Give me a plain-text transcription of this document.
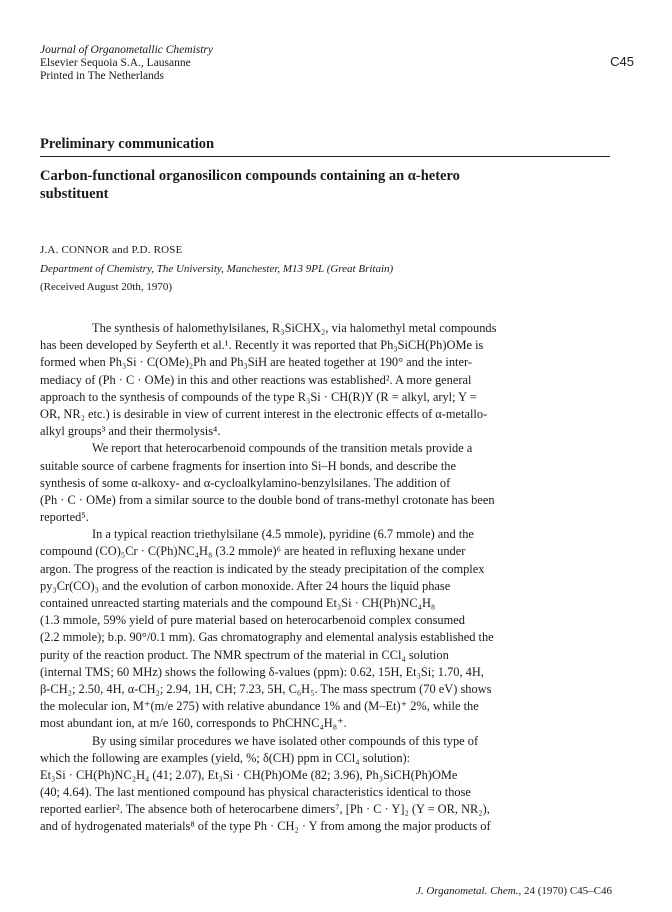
Journal of Organometallic Chemistry
Elsevier Sequoia S.A., Lausanne
Printed in The Netherlands
C45
Preliminary communication
Carbon-functional organosilicon compounds containing an α-hetero
substituent
J.A. CONNOR and P.D. ROSE
Department of Chemistry, The University, Manchester, M13 9PL (Great Britain)
(Received August 20th, 1970)
The synthesis of halomethylsilanes, R₃SiCHX₂, via halomethyl metal compounds
has been developed by Seyferth et al.¹. Recently it was reported that Ph₃SiCH(Ph)OMe is
formed when Ph₃Si · C(OMe)₂Ph and Ph₃SiH are heated together at 190° and the inter-
mediacy of (Ph · C · OMe) in this and other reactions was established². A more general
approach to the synthesis of compounds of the type R₃Si · CH(R)Y (R = alkyl, aryl; Y =
OR, NR₂ etc.) is desirable in view of current interest in the electronic effects of α-metallo-
alkyl groups³ and their thermolysis⁴.
We report that heterocarbenoid compounds of the transition metals provide a
suitable source of carbene fragments for insertion into Si–H bonds, and describe the
synthesis of some α-alkoxy- and α-cycloalkylamino-benzylsilanes. The addition of
(Ph · C · OMe) from a similar source to the double bond of trans-methyl crotonate has been
reported⁵.
In a typical reaction triethylsilane (4.5 mmole), pyridine (6.7 mmole) and the
compound (CO)₅Cr · C(Ph)NC₄H₈ (3.2 mmole)⁶ are heated in refluxing hexane under
argon. The progress of the reaction is indicated by the steady precipitation of the complex
py₃Cr(CO)₃ and the evolution of carbon monoxide. After 24 hours the liquid phase
contained unreacted starting materials and the compound Et₃Si · CH(Ph)NC₄H₈
(1.3 mmole, 59% yield of pure material based on heterocarbenoid complex consumed
(2.2 mmole); b.p. 90°/0.1 mm). Gas chromatography and elemental analysis established the
purity of the reaction product. The NMR spectrum of the material in CCl₄ solution
(internal TMS; 60 MHz) shows the following δ-values (ppm): 0.62, 15H, Et₃Si; 1.70, 4H,
β-CH₂; 2.50, 4H, α-CH₂; 2.94, 1H, CH; 7.23, 5H, C₆H₅. The mass spectrum (70 eV) shows
the molecular ion, M⁺(m/e 275) with relative abundance 1% and (M–Et)⁺ 2%, while the
most abundant ion, at m/e 160, corresponds to PhCHNC₄H₈⁺.
By using similar procedures we have isolated other compounds of this type of
which the following are examples (yield, %; δ(CH) ppm in CCl₄ solution):
Et₃Si · CH(Ph)NC₂H₄ (41; 2.07), Et₃Si · CH(Ph)OMe (82; 3.96), Ph₃SiCH(Ph)OMe
(40; 4.64). The last mentioned compound has physical characteristics identical to those
reported earlier². The absence both of heterocarbene dimers⁷, [Ph · C · Y]₂ (Y = OR, NR₂),
and of hydrogenated materials⁸ of the type Ph · CH₂ · Y from among the major products of
J. Organometal. Chem., 24 (1970) C45–C46
